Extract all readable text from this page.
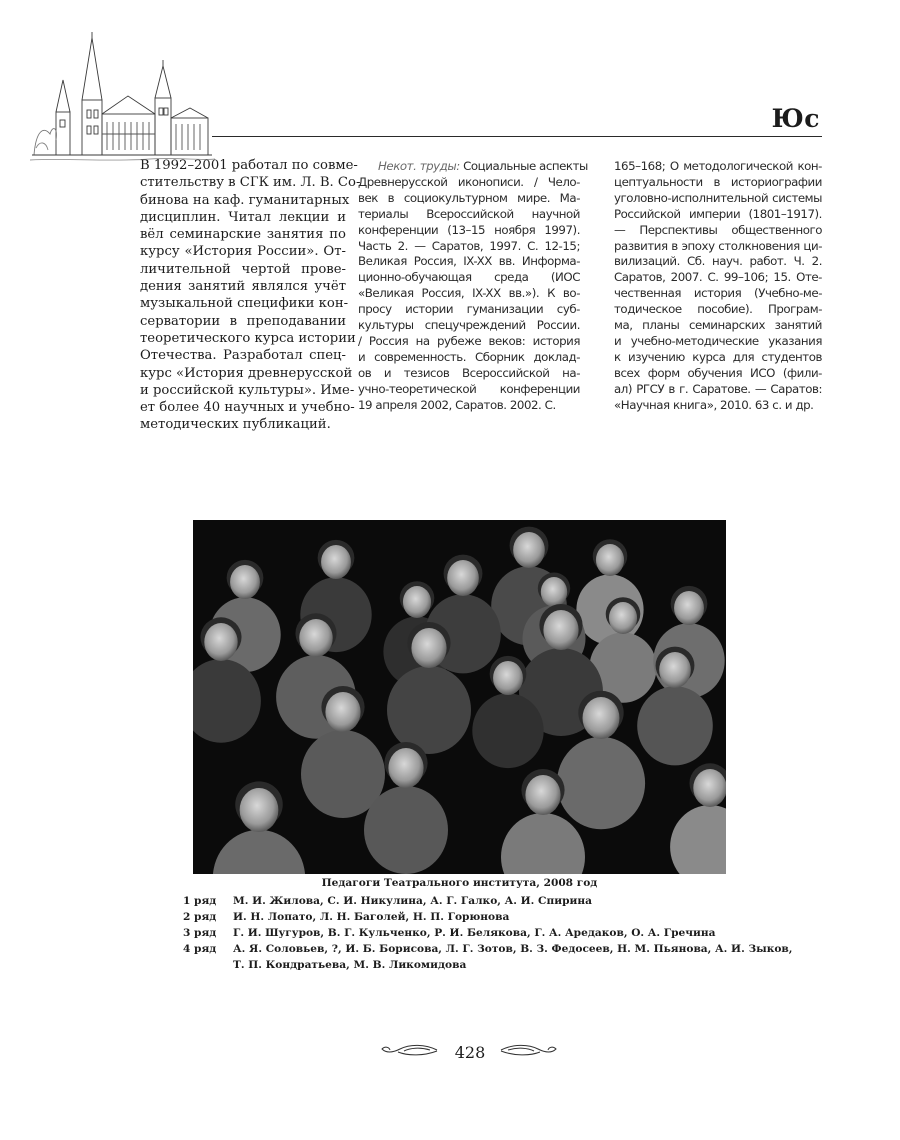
Юс
В 1992–2001 работал по совме-
стительству в СГК им. Л. В. Со-
бинова на каф. гуманитарных
дисциплин. Читал лекции и
вёл семинарские занятия по
курсу «История России». От-
личительной чертой прове-
дения занятий являлся учёт
музыкальной специфики кон-
серватории в преподавании
теоретического курса истории
Отечества. Разработал спец-
курс «История древнерусской
и российской культуры». Име-
ет более 40 научных и учебно-
методических публикаций.
Некот. труды: Социальные аспекты
Древнерусской иконописи. / Чело-
век в социокультурном мире. Ма-
териалы Всероссийской научной
конференции (13–15 ноября 1997).
Часть 2. — Саратов, 1997. С. 12-15;
Великая Россия, IX-XX вв. Информа-
ционно-обучающая среда (ИОС
«Великая Россия, IX-XX вв.»). К во-
просу истории гуманизации суб-
культуры спецучреждений России.
/ Россия на рубеже веков: история
и современность. Сборник доклад-
ов и тезисов Всероссийской на-
учно-теоретической конференции
19 апреля 2002, Саратов. 2002. С.
165–168; О методологической кон-
цептуальности в историографии
уголовно-исполнительной системы
Российской империи (1801–1917).
— Перспективы общественного
развития в эпоху столкновения ци-
вилизаций. Сб. науч. работ. Ч. 2.
Саратов, 2007. С. 99–106; 15. Оте-
чественная история (Учебно-ме-
тодическое пособие). Програм-
ма, планы семинарских занятий
и учебно-методические указания
к изучению курса для студентов
всех форм обучения ИСО (фили-
ал) РГСУ в г. Саратове. — Саратов:
«Научная книга», 2010. 63 с. и др.
Педагоги Театрального института, 2008 год
1 ряд	М. И. Жилова, С. И. Никулина, А. Г. Галко, А. И. Спирина
2 ряд	И. Н. Лопато, Л. Н. Баголей, Н. П. Горюнова
3 ряд	Г. И. Шугуров, В. Г. Кульченко, Р. И. Белякова, Г. А. Аредаков, О. А. Гречина
4 ряд	А. Я. Соловьев, ?, И. Б. Борисова, Л. Г. Зотов, В. З. Федосеев, Н. М. Пьянова, А. И. Зыков,
Т. П. Кондратьева, М. В. Ликомидова
428
